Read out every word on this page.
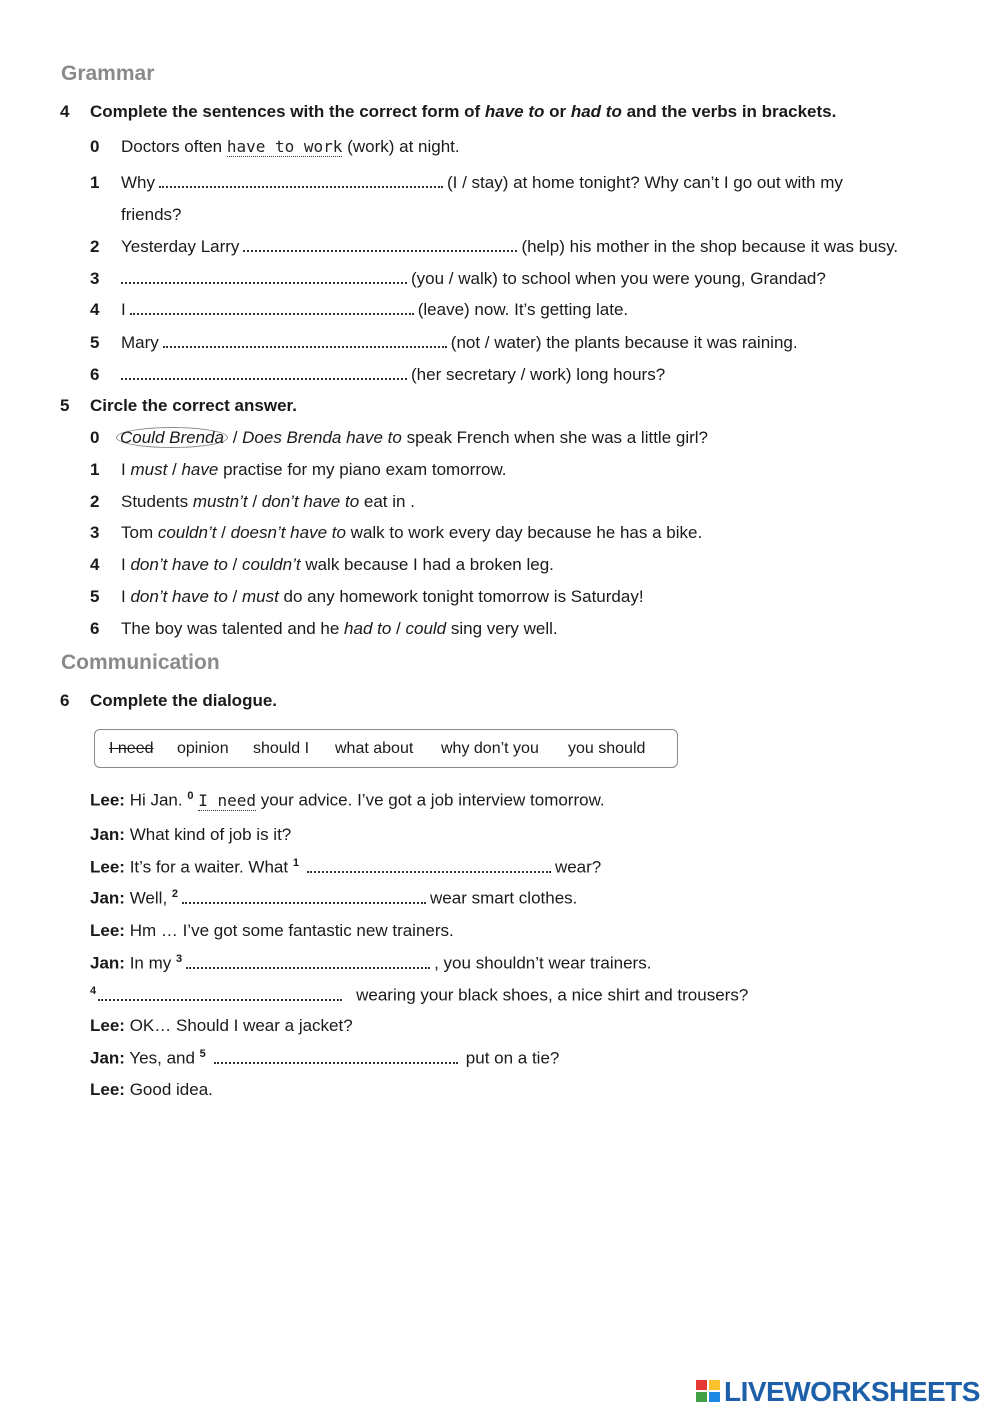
Grammar
4 Complete the sentences with the correct form of have to or had to and the verbs in brackets.
0 Doctors often have to work (work) at night.
1 Why	(I / stay) at home tonight? Why can’t I go out with my
friends?
2 Yesterday Larry	(help) his mother in the shop because it was busy.
3	(you / walk) to school when you were young, Grandad?
4 I	(leave) now. It’s getting late.
5 Mary	(not / water) the plants because it was raining.
6	(her secretary / work) long hours?
5 Circle the correct answer.
0 Could Brenda / Does Brenda have to speak French when she was a little girl?
1 I must / have practise for my piano exam tomorrow.
2 Students mustn’t / don’t have to eat in .
3 Tom couldn’t / doesn’t have to walk to work every day because he has a bike.
4 I don’t have to / couldn’t walk because I had a broken leg.
5 I don’t have to / must do any homework tonight tomorrow is Saturday!
6 The boy was talented and he had to / could sing very well.
Communication
6 Complete the dialogue.
I need opinion should I what about why don’t you you should
Lee: Hi Jan. $^0$ I need your advice. I’ve got a job interview tomorrow.
Jan: What kind of job is it?
Lee: It’s for a waiter. What $^1$	wear?
Jan: Well, $^2$	wear smart clothes.
Lee: Hm … I’ve got some fantastic new trainers.
Jan: In my $^3$	, you shouldn’t wear trainers.
$^4$	wearing your black shoes, a nice shirt and trousers?
Lee: OK… Should I wear a jacket?
Jan: Yes, and $^5$	put on a tie?
Lee: Good idea.
LIVEWORKSHEETS
